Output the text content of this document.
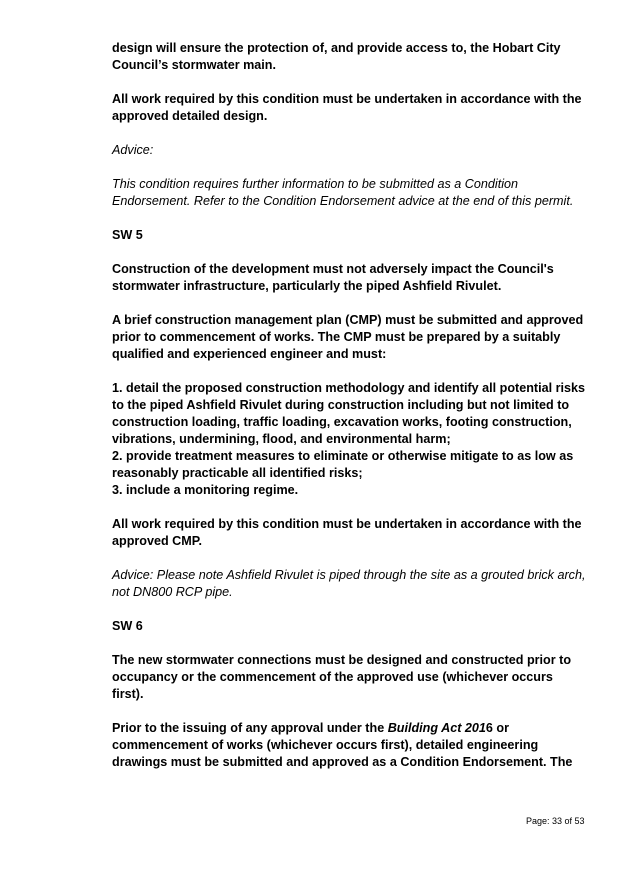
design will ensure the protection of, and provide access to, the Hobart City Council’s stormwater main.

All work required by this condition must be undertaken in accordance with the approved detailed design.

Advice:

This condition requires further information to be submitted as a Condition Endorsement. Refer to the Condition Endorsement advice at the end of this permit.

SW 5

Construction of the development must not adversely impact the Council's stormwater infrastructure, particularly the piped Ashfield Rivulet.

A brief construction management plan (CMP) must be submitted and approved prior to commencement of works. The CMP must be prepared by a suitably qualified and experienced engineer and must:

1. detail the proposed construction methodology and identify all potential risks to the piped Ashfield Rivulet during construction including but not limited to construction loading, traffic loading, excavation works, footing construction, vibrations, undermining, flood, and environmental harm;

2. provide treatment measures to eliminate or otherwise mitigate to as low as reasonably practicable all identified risks;

3. include a monitoring regime.

All work required by this condition must be undertaken in accordance with the approved CMP.

Advice: Please note Ashfield Rivulet is piped through the site as a grouted brick arch, not DN800 RCP pipe.

SW 6

The new stormwater connections must be designed and constructed prior to occupancy or the commencement of the approved use (whichever occurs first).

Prior to the issuing of any approval under the Building Act 2016 or commencement of works (whichever occurs first), detailed engineering drawings must be submitted and approved as a Condition Endorsement. The

Page: 33 of 53
